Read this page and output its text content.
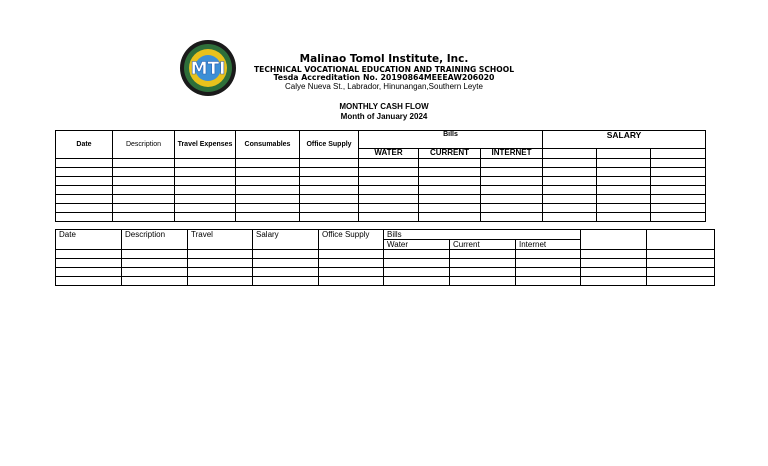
MTI	Malinao Tomol Institute, Inc.
TECHNICAL VOCATIONAL EDUCATION AND TRAINING SCHOOL
Tesda Accreditation No. 20190864MEEEAW206020
Calye Nueva St., Labrador, Hinunangan,Southern Leyte
MONTHLY CASH FLOW
Month of January 2024
Date	Description	Travel Expenses	Consumables	Office Supply	Bills			SALARY		
					WATER	CURRENT	INTERNET			

Date	Description	Travel	Salary	Office Supply	Bills				
					Water	Current	Internet		
